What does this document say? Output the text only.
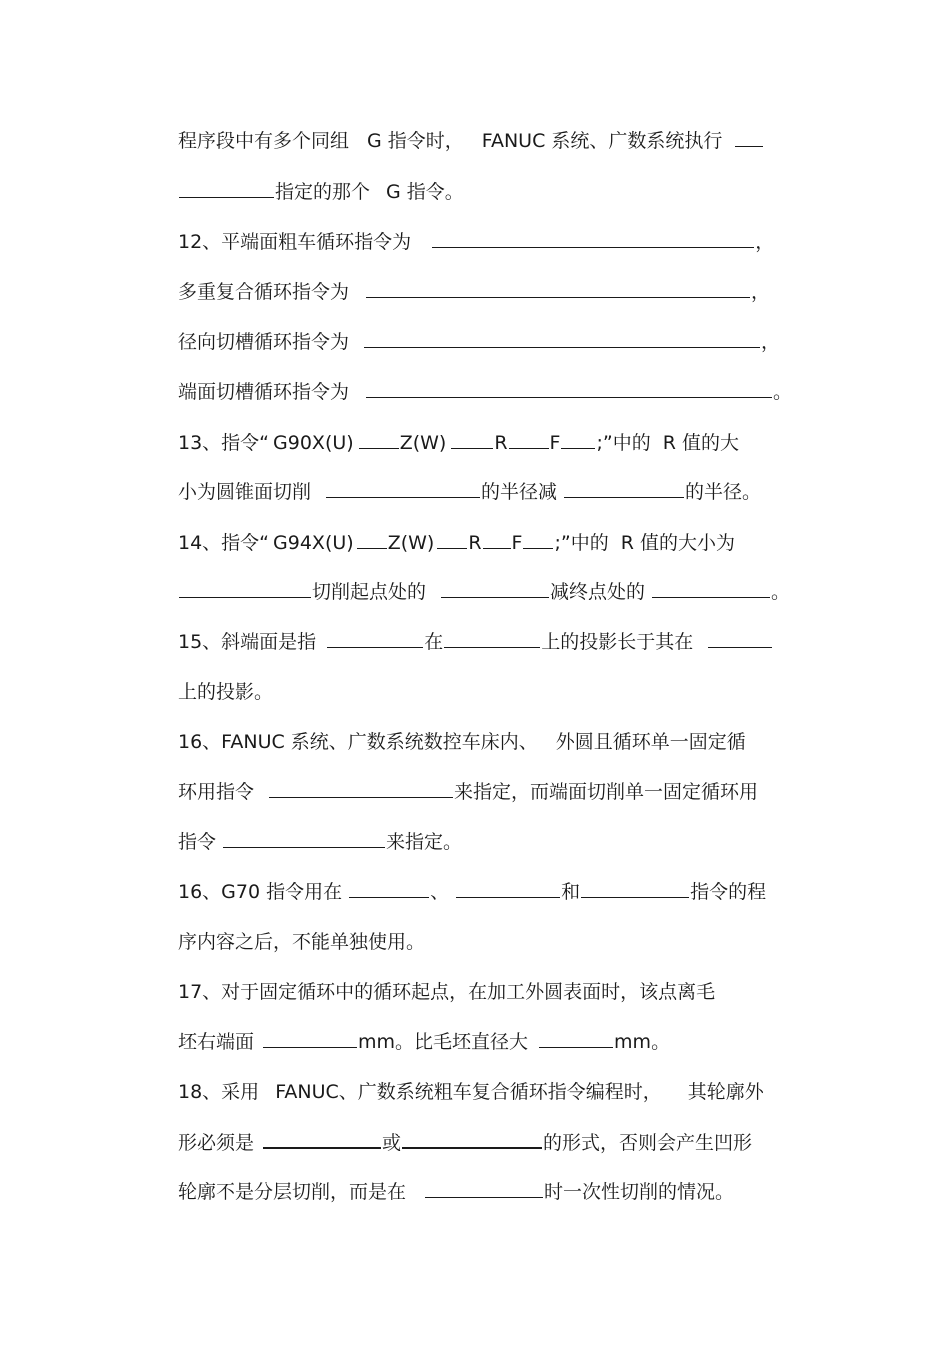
程序段中有多个同组 G 指令时， FANUC 系统、广数系统执行
指定的那个 G 指令。
12、平端面粗车循环指令为	，
多重复合循环指令为	，
径向切槽循环指令为	，
端面切槽循环指令为	。
13、指令“ G90X(U) Z(W)	R F ;”中的 R 值的大
小为圆锥面切削	的半径减	的半径。
14、指令“ G94X(U) Z(W) R F ;”中的 R 值的大小为
切削起点处的	减终点处的	。
15、斜端面是指	在	上的投影长于其在
上的投影。
16、FANUC 系统、广数系统数控车床内、 外圆且循环单一固定循
环用指令	来指定，而端面切削单一固定循环用
指令	来指定。
16、G70 指令用在	、	和	指令的程
序内容之后，不能单独使用。
17、对于固定循环中的循环起点，在加工外圆表面时，该点离毛
坯右端面	mm。比毛坯直径大	mm。
18、采用 FANUC、广数系统粗车复合循环指令编程时， 其轮廓外
形必须是	或	的形式，否则会产生凹形
轮廓不是分层切削，而是在	时一次性切削的情况。
